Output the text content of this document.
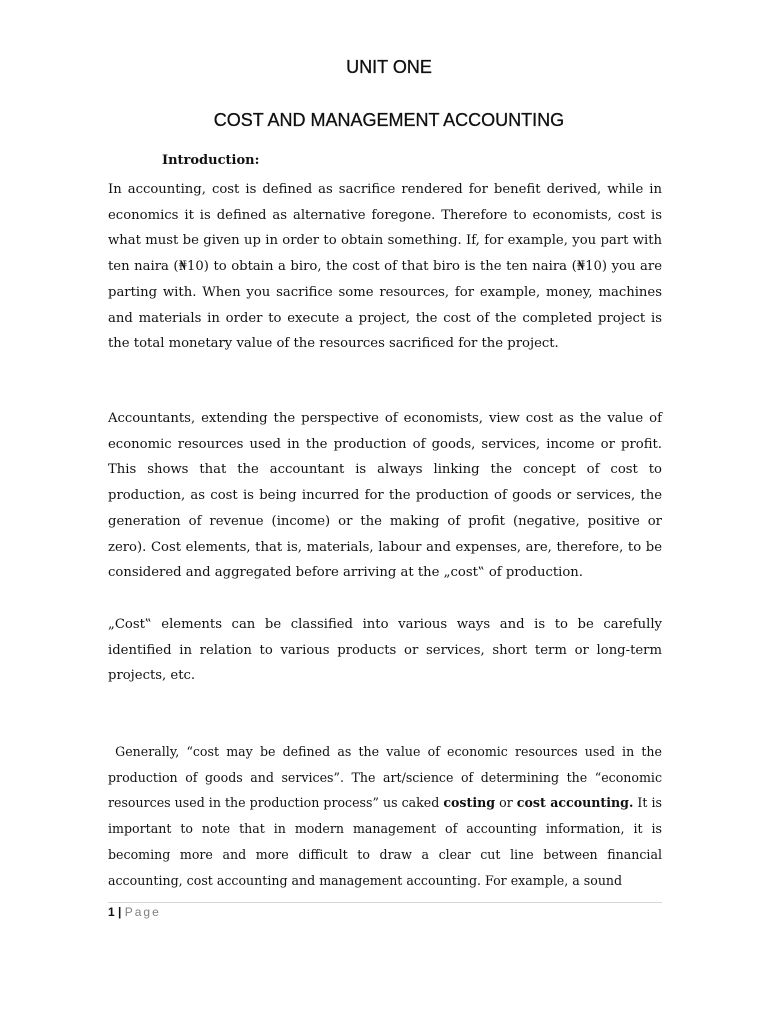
UNIT ONE
COST AND MANAGEMENT ACCOUNTING

Introduction:

In accounting, cost is defined as sacrifice rendered for benefit derived, while in economics it is defined as alternative foregone. Therefore to economists, cost is what must be given up in order to obtain something. If, for example, you part with ten naira (₦10) to obtain a biro, the cost of that biro is the ten naira (₦10) you are parting with. When you sacrifice some resources, for example, money, machines and materials in order to execute a project, the cost of the completed project is the total monetary value of the resources sacrificed for the project.

Accountants, extending the perspective of economists, view cost as the value of economic resources used in the production of goods, services, income or profit. This shows that the accountant is always linking the concept of cost to production, as cost is being incurred for the production of goods or services, the generation of revenue (income) or the making of profit (negative, positive or zero). Cost elements, that is, materials, labour and expenses, are, therefore, to be considered and aggregated before arriving at the „cost‟ of production.

„Cost‟ elements can be classified into various ways and is to be carefully identified in relation to various products or services, short term or long-term projects, etc.

Generally, “cost may be defined as the value of economic resources used in the production of goods and services”. The art/science of determining the “economic resources used in the production process” us caked costing or cost accounting. It is important to note that in modern management of accounting information, it is becoming more and more difficult to draw a clear cut line between financial accounting, cost accounting and management accounting. For example, a sound

1 | Page
